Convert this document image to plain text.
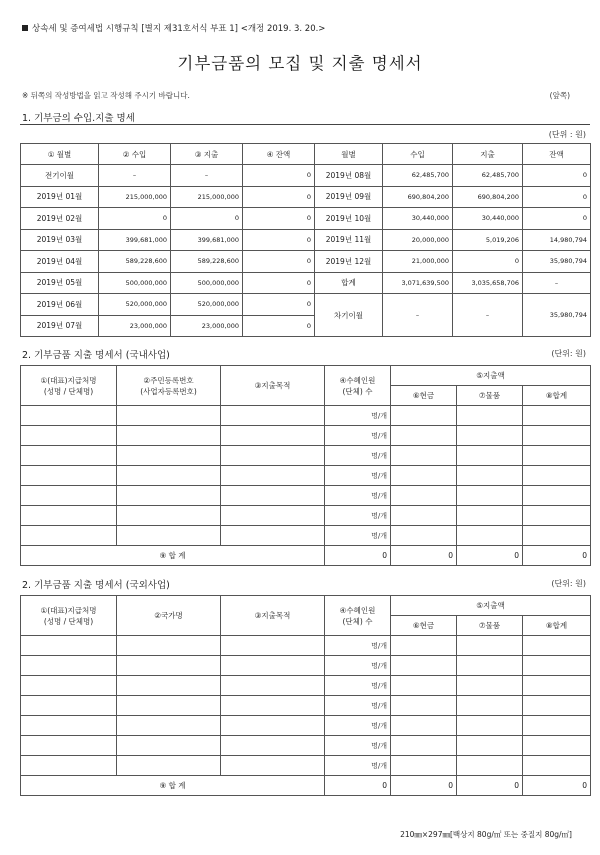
상속세 및 증여세법 시행규칙 [별지 제31호서식 부표 1] <개정 2019. 3. 20.>
기부금품의 모집 및 지출 명세서
※ 뒤쪽의 작성방법을 읽고 작성해 주시기 바랍니다.	(앞쪽)
1. 기부금의 수입.지출 명세
(단위 : 원)
① 월별	② 수입	③ 지출	④ 잔액	월별	수입	지출	잔액
전기이월	–	–	0	2019년 08월	62,485,700	62,485,700	0
2019년 01월	215,000,000	215,000,000	0	2019년 09월	690,804,200	690,804,200	0
2019년 02월	0	0	0	2019년 10월	30,440,000	30,440,000	0
2019년 03월	399,681,000	399,681,000	0	2019년 11월	20,000,000	5,019,206	14,980,794
2019년 04월	589,228,600	589,228,600	0	2019년 12월	21,000,000	0	35,980,794
2019년 05월	500,000,000	500,000,000	0	합계	3,071,639,500	3,035,658,706	–
2019년 06월	520,000,000	520,000,000	0	차기이월	–	–	35,980,794
2019년 07월	23,000,000	23,000,000	0				
2. 기부금품 지출 명세서 (국내사업)	(단위: 원)
①(대표)지급처명
(성명 / 단체명)	②주민등록번호
(사업자등록번호)	③지출목적	④수혜인원
(단체) 수	⑤지출액		
				⑥현금	⑦물품	⑧합계
			명/개			
			명/개			
			명/개			
			명/개			
			명/개			
			명/개			
			명/개			
⑨ 합 계			0	0	0	0
2. 기부금품 지출 명세서 (국외사업)	(단위: 원)
①(대표)지급처명
(성명 / 단체명)	②국가명	③지출목적	④수혜인원
(단체) 수	⑤지출액		
				⑥현금	⑦물품	⑧합계
			명/개			
			명/개			
			명/개			
			명/개			
			명/개			
			명/개			
			명/개			
⑨ 합 계			0	0	0	0
210㎜×297㎜[백상지 80g/㎡ 또는 중질지 80g/㎡]
